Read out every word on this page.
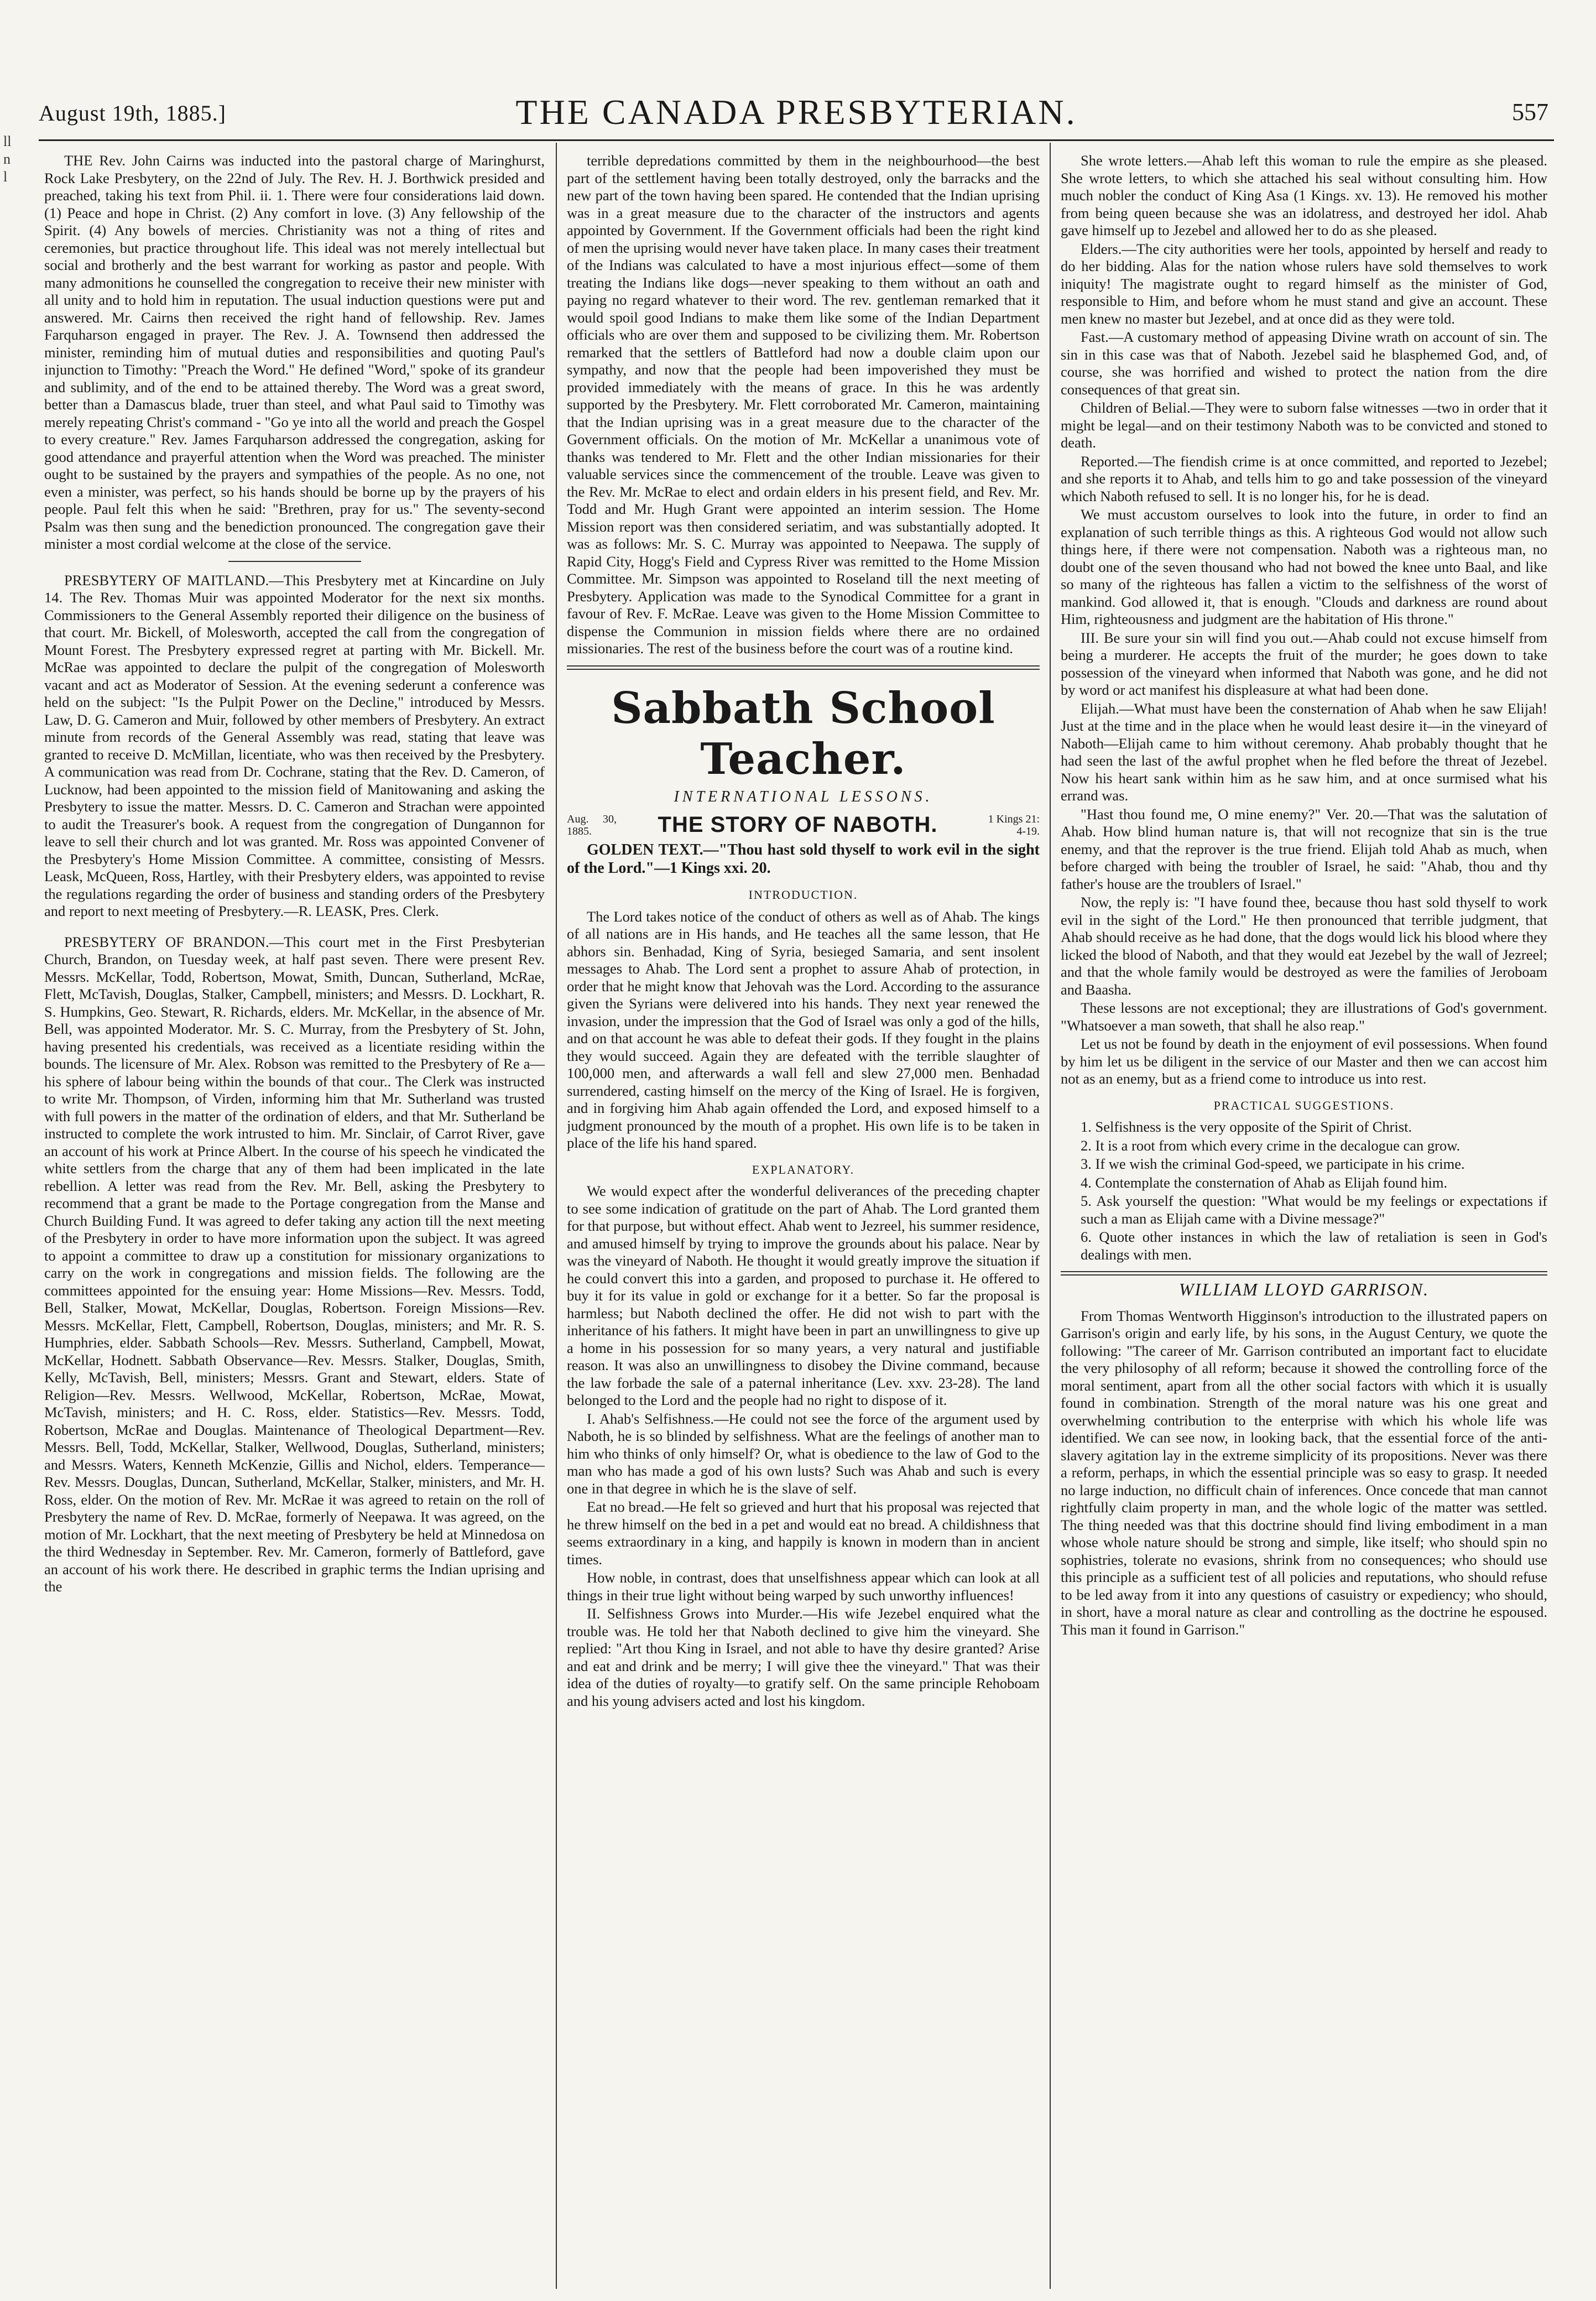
ll
n
l
August 19th, 1885.]	THE CANADA PRESBYTERIAN.	557

THE Rev. John Cairns was inducted into the pastoral charge of Maringhurst, Rock Lake Presbytery, on the 22nd of July. The Rev. H. J. Borthwick presided and preached, taking his text from Phil. ii. 1. There were four considerations laid down. (1) Peace and hope in Christ. (2) Any comfort in love. (3) Any fellowship of the Spirit. (4) Any bowels of mercies. Christianity was not a thing of rites and ceremonies, but practice throughout life. This ideal was not merely intellectual but social and brotherly and the best warrant for working as pastor and people. With many admonitions he counselled the congregation to receive their new minister with all unity and to hold him in reputation. The usual induction questions were put and answered. Mr. Cairns then received the right hand of fellowship. Rev. James Farquharson engaged in prayer. The Rev. J. A. Townsend then addressed the minister, reminding him of mutual duties and responsibilities and quoting Paul's injunction to Timothy: "Preach the Word." He defined "Word," spoke of its grandeur and sublimity, and of the end to be attained thereby. The Word was a great sword, better than a Damascus blade, truer than steel, and what Paul said to Timothy was merely repeating Christ's command - "Go ye into all the world and preach the Gospel to every creature." Rev. James Farquharson addressed the congregation, asking for good attendance and prayerful attention when the Word was preached. The minister ought to be sustained by the prayers and sympathies of the people. As no one, not even a minister, was perfect, so his hands should be borne up by the prayers of his people. Paul felt this when he said: "Brethren, pray for us." The seventy-second Psalm was then sung and the benediction pronounced. The congregation gave their minister a most cordial welcome at the close of the service.

PRESBYTERY OF MAITLAND.—This Presbytery met at Kincardine on July 14. The Rev. Thomas Muir was appointed Moderator for the next six months. Commissioners to the General Assembly reported their diligence on the business of that court. Mr. Bickell, of Molesworth, accepted the call from the congregation of Mount Forest. The Presbytery expressed regret at parting with Mr. Bickell. Mr. McRae was appointed to declare the pulpit of the congregation of Molesworth vacant and act as Moderator of Session. At the evening sederunt a conference was held on the subject: "Is the Pulpit Power on the Decline," introduced by Messrs. Law, D. G. Cameron and Muir, followed by other members of Presbytery. An extract minute from records of the General Assembly was read, stating that leave was granted to receive D. McMillan, licentiate, who was then received by the Presbytery. A communication was read from Dr. Cochrane, stating that the Rev. D. Cameron, of Lucknow, had been appointed to the mission field of Manitowaning and asking the Presbytery to issue the matter. Messrs. D. C. Cameron and Strachan were appointed to audit the Treasurer's book. A request from the congregation of Dungannon for leave to sell their church and lot was granted. Mr. Ross was appointed Convener of the Presbytery's Home Mission Committee. A committee, consisting of Messrs. Leask, McQueen, Ross, Hartley, with their Presbytery elders, was appointed to revise the regulations regarding the order of business and standing orders of the Presbytery and report to next meeting of Presbytery.—R. LEASK, Pres. Clerk.

PRESBYTERY OF BRANDON.—This court met in the First Presbyterian Church, Brandon, on Tuesday week, at half past seven. There were present Rev. Messrs. McKellar, Todd, Robertson, Mowat, Smith, Duncan, Sutherland, McRae, Flett, McTavish, Douglas, Stalker, Campbell, ministers; and Messrs. D. Lockhart, R. S. Humpkins, Geo. Stewart, R. Richards, elders. Mr. McKellar, in the absence of Mr. Bell, was appointed Moderator. Mr. S. C. Murray, from the Presbytery of St. John, having presented his credentials, was received as a licentiate residing within the bounds. The licensure of Mr. Alex. Robson was remitted to the Presbytery of Re a— his sphere of labour being within the bounds of that cour.. The Clerk was instructed to write Mr. Thompson, of Virden, informing him that Mr. Sutherland was trusted with full powers in the matter of the ordination of elders, and that Mr. Sutherland be instructed to complete the work intrusted to him. Mr. Sinclair, of Carrot River, gave an account of his work at Prince Albert. In the course of his speech he vindicated the white settlers from the charge that any of them had been implicated in the late rebellion. A letter was read from the Rev. Mr. Bell, asking the Presbytery to recommend that a grant be made to the Portage congregation from the Manse and Church Building Fund. It was agreed to defer taking any action till the next meeting of the Presbytery in order to have more information upon the subject. It was agreed to appoint a committee to draw up a constitution for missionary organizations to carry on the work in congregations and mission fields. The following are the committees appointed for the ensuing year: Home Missions—Rev. Messrs. Todd, Bell, Stalker, Mowat, McKellar, Douglas, Robertson. Foreign Missions—Rev. Messrs. McKellar, Flett, Campbell, Robertson, Douglas, ministers; and Mr. R. S. Humphries, elder. Sabbath Schools—Rev. Messrs. Sutherland, Campbell, Mowat, McKellar, Hodnett. Sabbath Observance—Rev. Messrs. Stalker, Douglas, Smith, Kelly, McTavish, Bell, ministers; Messrs. Grant and Stewart, elders. State of Religion—Rev. Messrs. Wellwood, McKellar, Robertson, McRae, Mowat, McTavish, ministers; and H. C. Ross, elder. Statistics—Rev. Messrs. Todd, Robertson, McRae and Douglas. Maintenance of Theological Department—Rev. Messrs. Bell, Todd, McKellar, Stalker, Wellwood, Douglas, Sutherland, ministers; and Messrs. Waters, Kenneth McKenzie, Gillis and Nichol, elders. Temperance—Rev. Messrs. Douglas, Duncan, Sutherland, McKellar, Stalker, ministers, and Mr. H. Ross, elder. On the motion of Rev. Mr. McRae it was agreed to retain on the roll of Presbytery the name of Rev. D. McRae, formerly of Neepawa. It was agreed, on the motion of Mr. Lockhart, that the next meeting of Presbytery be held at Minnedosa on the third Wednesday in September. Rev. Mr. Cameron, formerly of Battleford, gave an account of his work there. He described in graphic terms the Indian uprising and the

terrible depredations committed by them in the neighbourhood—the best part of the settlement having been totally destroyed, only the barracks and the new part of the town having been spared. He contended that the Indian uprising was in a great measure due to the character of the instructors and agents appointed by Government. If the Government officials had been the right kind of men the uprising would never have taken place. In many cases their treatment of the Indians was calculated to have a most injurious effect—some of them treating the Indians like dogs—never speaking to them without an oath and paying no regard whatever to their word. The rev. gentleman remarked that it would spoil good Indians to make them like some of the Indian Department officials who are over them and supposed to be civilizing them. Mr. Robertson remarked that the settlers of Battleford had now a double claim upon our sympathy, and now that the people had been impoverished they must be provided immediately with the means of grace. In this he was ardently supported by the Presbytery. Mr. Flett corroborated Mr. Cameron, maintaining that the Indian uprising was in a great measure due to the character of the Government officials. On the motion of Mr. McKellar a unanimous vote of thanks was tendered to Mr. Flett and the other Indian missionaries for their valuable services since the commencement of the trouble. Leave was given to the Rev. Mr. McRae to elect and ordain elders in his present field, and Rev. Mr. Todd and Mr. Hugh Grant were appointed an interim session. The Home Mission report was then considered seriatim, and was substantially adopted. It was as follows: Mr. S. C. Murray was appointed to Neepawa. The supply of Rapid City, Hogg's Field and Cypress River was remitted to the Home Mission Committee. Mr. Simpson was appointed to Roseland till the next meeting of Presbytery. Application was made to the Synodical Committee for a grant in favour of Rev. F. McRae. Leave was given to the Home Mission Committee to dispense the Communion in mission fields where there are no ordained missionaries. The rest of the business before the court was of a routine kind.

Sabbath School Teacher.
INTERNATIONAL LESSONS.
Aug. 30, 1885.	THE STORY OF NABOTH.	1 Kings 21: 4-19.

GOLDEN TEXT.—"Thou hast sold thyself to work evil in the sight of the Lord."—1 Kings xxi. 20.

INTRODUCTION.

The Lord takes notice of the conduct of others as well as of Ahab. The kings of all nations are in His hands, and He teaches all the same lesson, that He abhors sin. Benhadad, King of Syria, besieged Samaria, and sent insolent messages to Ahab. The Lord sent a prophet to assure Ahab of protection, in order that he might know that Jehovah was the Lord. According to the assurance given the Syrians were delivered into his hands. They next year renewed the invasion, under the impression that the God of Israel was only a god of the hills, and on that account he was able to defeat their gods. If they fought in the plains they would succeed. Again they are defeated with the terrible slaughter of 100,000 men, and afterwards a wall fell and slew 27,000 men. Benhadad surrendered, casting himself on the mercy of the King of Israel. He is forgiven, and in forgiving him Ahab again offended the Lord, and exposed himself to a judgment pronounced by the mouth of a prophet. His own life is to be taken in place of the life his hand spared.

EXPLANATORY.

We would expect after the wonderful deliverances of the preceding chapter to see some indication of gratitude on the part of Ahab. The Lord granted them for that purpose, but without effect. Ahab went to Jezreel, his summer residence, and amused himself by trying to improve the grounds about his palace. Near by was the vineyard of Naboth. He thought it would greatly improve the situation if he could convert this into a garden, and proposed to purchase it. He offered to buy it for its value in gold or exchange for it a better. So far the proposal is harmless; but Naboth declined the offer. He did not wish to part with the inheritance of his fathers. It might have been in part an unwillingness to give up a home in his possession for so many years, a very natural and justifiable reason. It was also an unwillingness to disobey the Divine command, because the law forbade the sale of a paternal inheritance (Lev. xxv. 23-28). The land belonged to the Lord and the people had no right to dispose of it.

I. Ahab's Selfishness.—He could not see the force of the argument used by Naboth, he is so blinded by selfishness. What are the feelings of another man to him who thinks of only himself? Or, what is obedience to the law of God to the man who has made a god of his own lusts? Such was Ahab and such is every one in that degree in which he is the slave of self.

Eat no bread.—He felt so grieved and hurt that his proposal was rejected that he threw himself on the bed in a pet and would eat no bread. A childishness that seems extraordinary in a king, and happily is known in modern than in ancient times.

How noble, in contrast, does that unselfishness appear which can look at all things in their true light without being warped by such unworthy influences!

II. Selfishness Grows into Murder.—His wife Jezebel enquired what the trouble was. He told her that Naboth declined to give him the vineyard. She replied: "Art thou King in Israel, and not able to have thy desire granted? Arise and eat and drink and be merry; I will give thee the vineyard." That was their idea of the duties of royalty—to gratify self. On the same principle Rehoboam and his young advisers acted and lost his kingdom.

She wrote letters.—Ahab left this woman to rule the empire as she pleased. She wrote letters, to which she attached his seal without consulting him. How much nobler the conduct of King Asa (1 Kings. xv. 13). He removed his mother from being queen because she was an idolatress, and destroyed her idol. Ahab gave himself up to Jezebel and allowed her to do as she pleased.

Elders.—The city authorities were her tools, appointed by herself and ready to do her bidding. Alas for the nation whose rulers have sold themselves to work iniquity! The magistrate ought to regard himself as the minister of God, responsible to Him, and before whom he must stand and give an account. These men knew no master but Jezebel, and at once did as they were told.

Fast.—A customary method of appeasing Divine wrath on account of sin. The sin in this case was that of Naboth. Jezebel said he blasphemed God, and, of course, she was horrified and wished to protect the nation from the dire consequences of that great sin.

Children of Belial.—They were to suborn false witnesses —two in order that it might be legal—and on their testimony Naboth was to be convicted and stoned to death.

Reported.—The fiendish crime is at once committed, and reported to Jezebel; and she reports it to Ahab, and tells him to go and take possession of the vineyard which Naboth refused to sell. It is no longer his, for he is dead.

We must accustom ourselves to look into the future, in order to find an explanation of such terrible things as this. A righteous God would not allow such things here, if there were not compensation. Naboth was a righteous man, no doubt one of the seven thousand who had not bowed the knee unto Baal, and like so many of the righteous has fallen a victim to the selfishness of the worst of mankind. God allowed it, that is enough. "Clouds and darkness are round about Him, righteousness and judgment are the habitation of His throne."

III. Be sure your sin will find you out.—Ahab could not excuse himself from being a murderer. He accepts the fruit of the murder; he goes down to take possession of the vineyard when informed that Naboth was gone, and he did not by word or act manifest his displeasure at what had been done.

Elijah.—What must have been the consternation of Ahab when he saw Elijah! Just at the time and in the place when he would least desire it—in the vineyard of Naboth—Elijah came to him without ceremony. Ahab probably thought that he had seen the last of the awful prophet when he fled before the threat of Jezebel. Now his heart sank within him as he saw him, and at once surmised what his errand was.

"Hast thou found me, O mine enemy?" Ver. 20.—That was the salutation of Ahab. How blind human nature is, that will not recognize that sin is the true enemy, and that the reprover is the true friend. Elijah told Ahab as much, when before charged with being the troubler of Israel, he said: "Ahab, thou and thy father's house are the troublers of Israel."

Now, the reply is: "I have found thee, because thou hast sold thyself to work evil in the sight of the Lord." He then pronounced that terrible judgment, that Ahab should receive as he had done, that the dogs would lick his blood where they licked the blood of Naboth, and that they would eat Jezebel by the wall of Jezreel; and that the whole family would be destroyed as were the families of Jeroboam and Baasha.

These lessons are not exceptional; they are illustrations of God's government. "Whatsoever a man soweth, that shall he also reap."

Let us not be found by death in the enjoyment of evil possessions. When found by him let us be diligent in the service of our Master and then we can accost him not as an enemy, but as a friend come to introduce us into rest.

PRACTICAL SUGGESTIONS.

1. Selfishness is the very opposite of the Spirit of Christ.

2. It is a root from which every crime in the decalogue can grow.

3. If we wish the criminal God-speed, we participate in his crime.

4. Contemplate the consternation of Ahab as Elijah found him.

5. Ask yourself the question: "What would be my feelings or expectations if such a man as Elijah came with a Divine message?"

6. Quote other instances in which the law of retaliation is seen in God's dealings with men.

WILLIAM LLOYD GARRISON.

From Thomas Wentworth Higginson's introduction to the illustrated papers on Garrison's origin and early life, by his sons, in the August Century, we quote the following: "The career of Mr. Garrison contributed an important fact to elucidate the very philosophy of all reform; because it showed the controlling force of the moral sentiment, apart from all the other social factors with which it is usually found in combination. Strength of the moral nature was his one great and overwhelming contribution to the enterprise with which his whole life was identified. We can see now, in looking back, that the essential force of the anti-slavery agitation lay in the extreme simplicity of its propositions. Never was there a reform, perhaps, in which the essential principle was so easy to grasp. It needed no large induction, no difficult chain of inferences. Once concede that man cannot rightfully claim property in man, and the whole logic of the matter was settled. The thing needed was that this doctrine should find living embodiment in a man whose whole nature should be strong and simple, like itself; who should spin no sophistries, tolerate no evasions, shrink from no consequences; who should use this principle as a sufficient test of all policies and reputations, who should refuse to be led away from it into any questions of casuistry or expediency; who should, in short, have a moral nature as clear and controlling as the doctrine he espoused. This man it found in Garrison."
